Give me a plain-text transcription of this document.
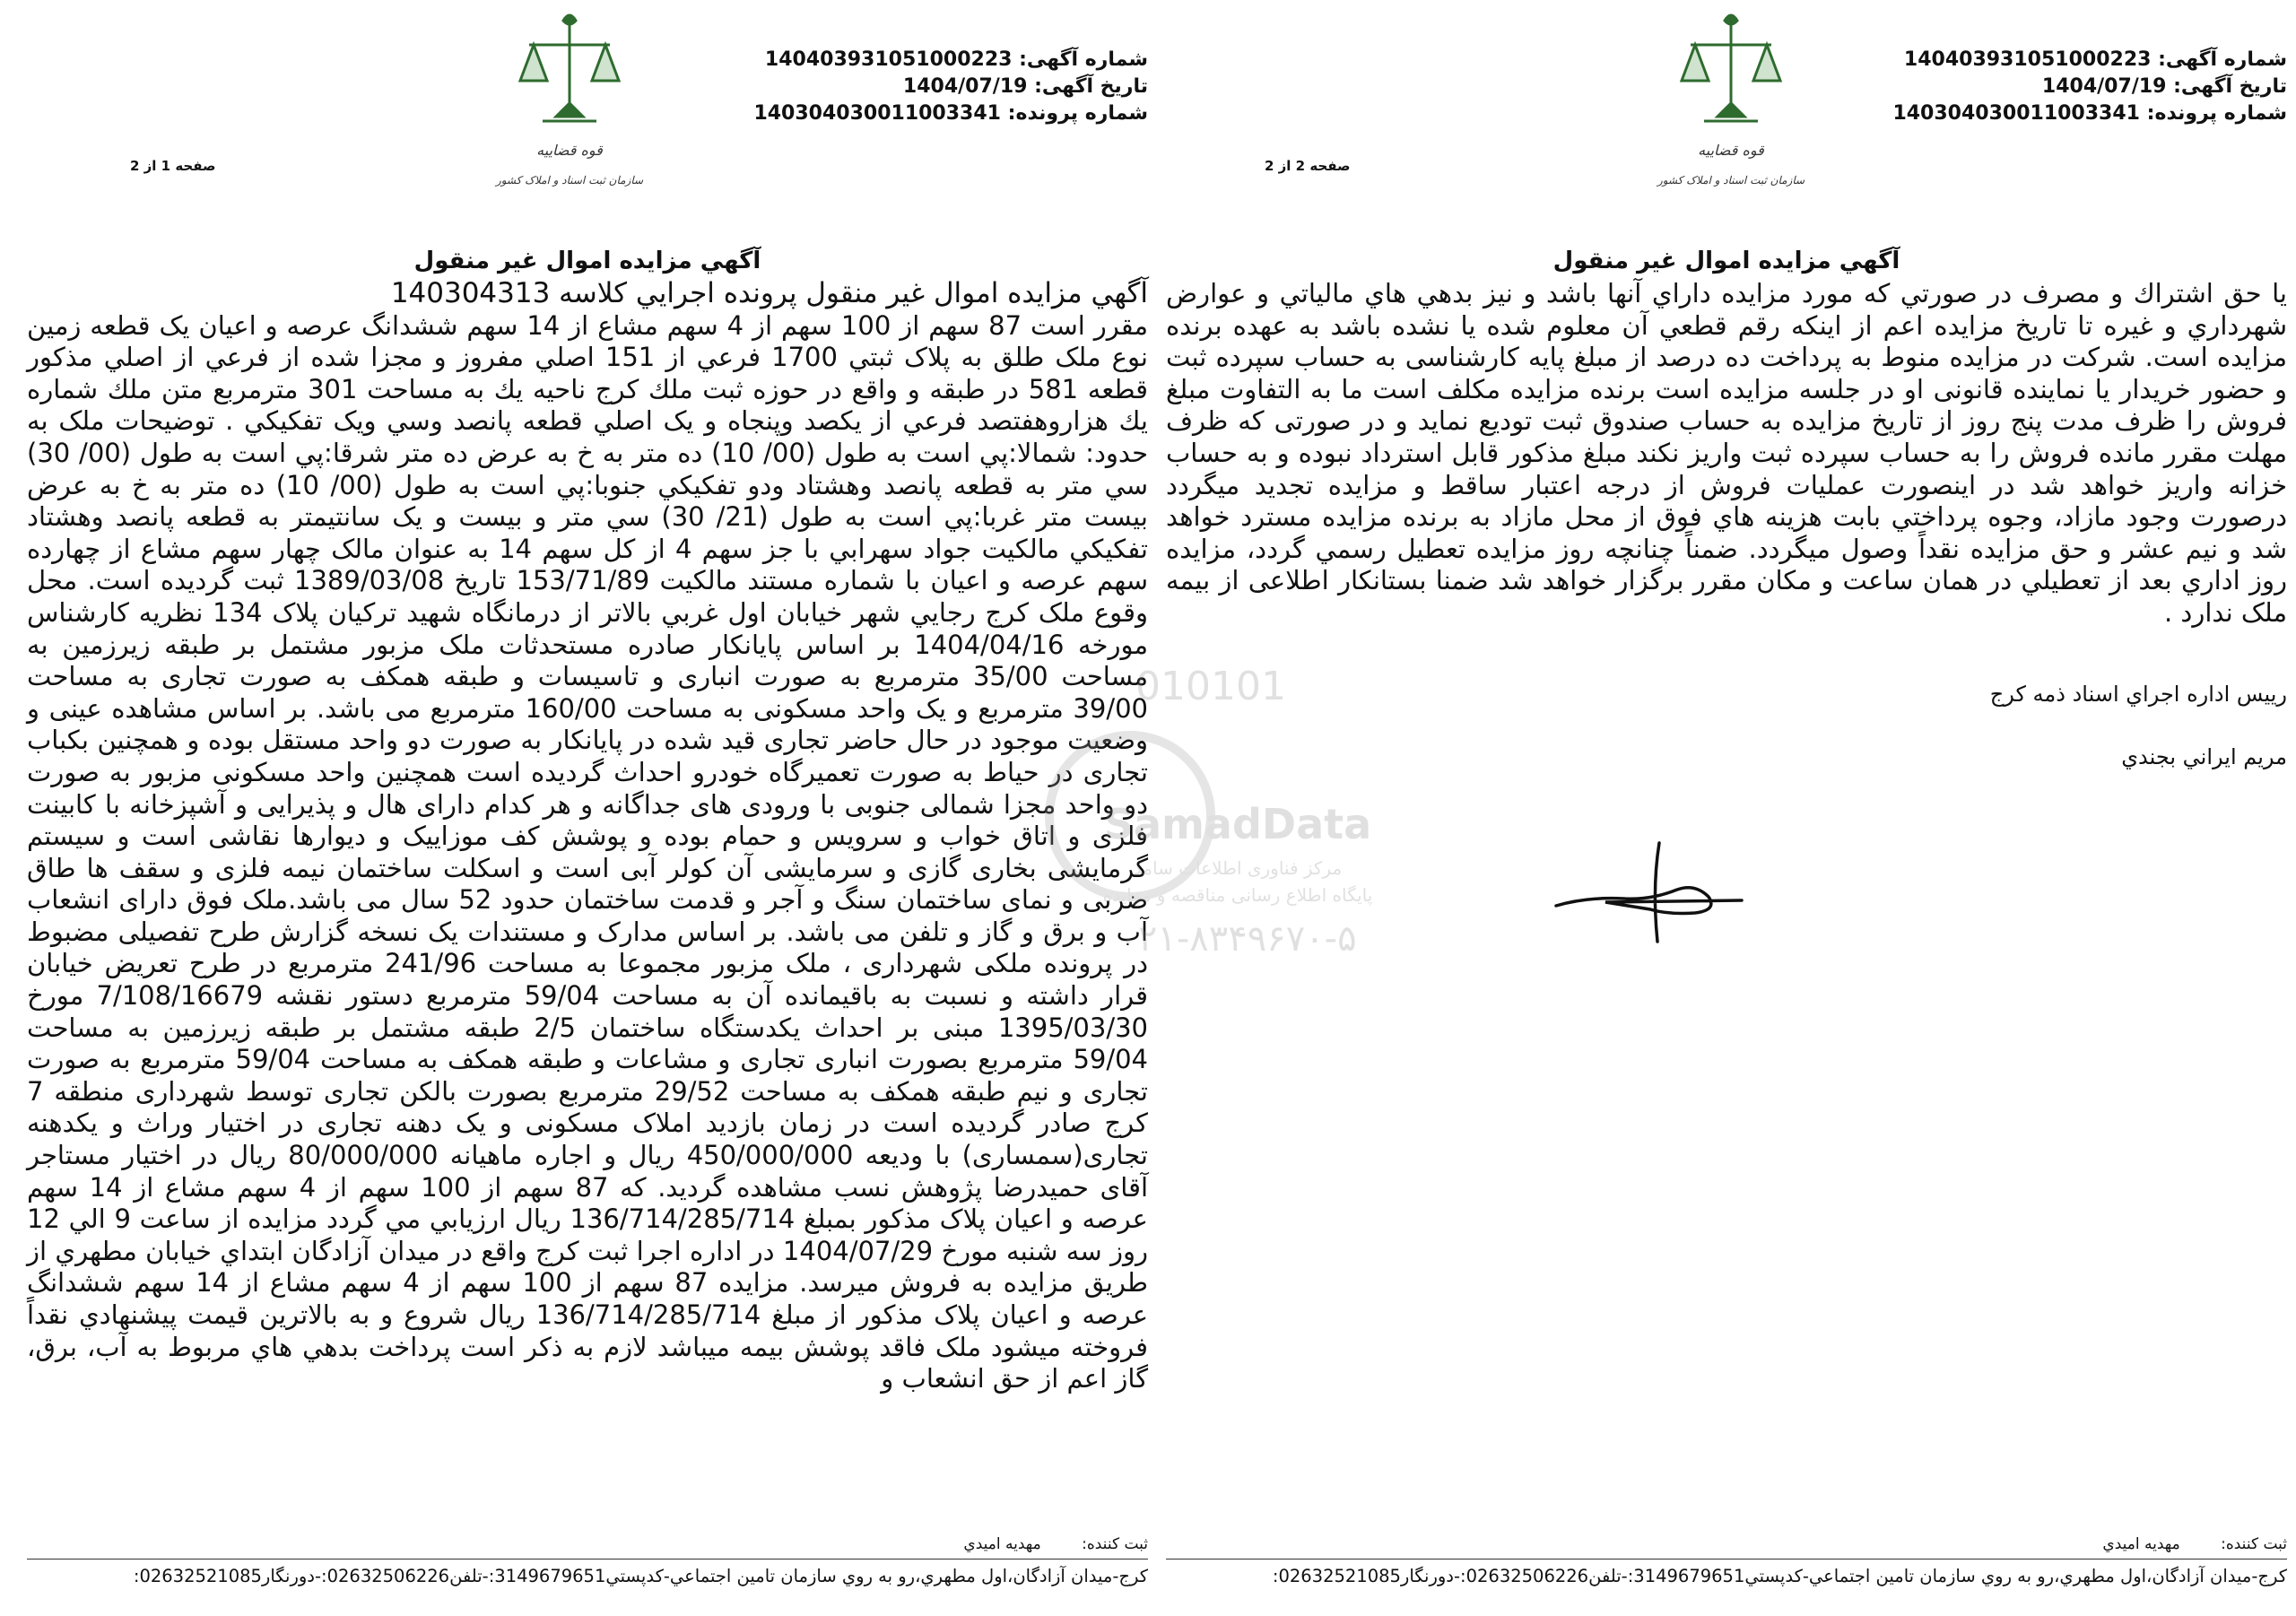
قوه قضاییه
سازمان ثبت اسناد و املاک کشور
شماره آگهی: 140403931051000223
تاریخ آگهی: 1404/07/19
شماره پرونده: 140304030011003341
صفحه 1 از 2
آگهي مزايده اموال غير منقول
آگهي مزايده اموال غير منقول پرونده اجرايي كلاسه 140304313
مقرر است 87 سهم از 100 سهم از 4 سهم مشاع از 14 سهم ششدانگ عرصه و اعيان يک قطعه زمين نوع ملک طلق به پلاک ثبتي 1700 فرعي از 151 اصلي مفروز و مجزا شده از فرعي از اصلي مذكور قطعه 581 در طبقه و واقع در حوزه ثبت ملك كرج ناحيه يك به مساحت 301 مترمربع متن ملك شماره يك هزاروهفتصد فرعي از يكصد وپنجاه و يک اصلي قطعه پانصد وسي ويک تفکيکي . توضيحات ملک به حدود: شمالا:پي است به طول (00/ 10) ده متر به خ به عرض ده متر شرقا:پي است به طول (00/ 30) سي متر به قطعه پانصد وهشتاد ودو تفکيکي جنوبا:پي است به طول (00/ 10) ده متر به خ به عرض بيست متر غربا:پي است به طول (21/ 30) سي متر و بيست و يک سانتيمتر به قطعه پانصد وهشتاد تفکيکي مالکيت جواد سهرابي با جز سهم 4 از کل سهم 14 به عنوان مالک چهار سهم مشاع از چهارده سهم عرصه و اعيان با شماره مستند مالکيت 153/71/89 تاريخ 1389/03/08 ثبت گرديده است. محل وقوع ملک کرج رجايي شهر خيابان اول غربي بالاتر از درمانگاه شهيد ترکيان پلاک 134 نظريه کارشناس مورخه 1404/04/16 بر اساس پايانکار صادره مستحدثات ملک مزبور مشتمل بر طبقه زيرزمين به مساحت 35/00 مترمربع به صورت انباری و تاسيسات و طبقه همکف به صورت تجاری به مساحت 39/00 مترمربع و يک واحد مسکونی به مساحت 160/00 مترمربع می باشد. بر اساس مشاهده عينی و وضعيت موجود در حال حاضر تجاری قيد شده در پايانکار به صورت دو واحد مستقل بوده و همچنين بکباب تجاری در حياط به صورت تعميرگاه خودرو احداث گرديده است همچنين واحد مسکونی مزبور به صورت دو واحد مجزا شمالی جنوبی با ورودی های جداگانه و هر کدام دارای هال و پذيرايی و آشپزخانه با کابينت فلزی و اتاق خواب و سرويس و حمام بوده و پوشش کف موزاييک و ديوارها نقاشی است و سيستم گرمايشی بخاری گازی و سرمايشی آن کولر آبی است و اسکلت ساختمان نيمه فلزی و سقف ها طاق ضربی و نمای ساختمان سنگ و آجر و قدمت ساختمان حدود 52 سال می باشد.ملک فوق دارای انشعاب آب و برق و گاز و تلفن می باشد. بر اساس مدارک و مستندات يک نسخه گزارش طرح تفصيلی مضبوط در پرونده ملکی شهرداری ، ملک مزبور مجموعا به مساحت 241/96 مترمربع در طرح تعريض خيابان قرار داشته و نسبت به باقيمانده آن به مساحت 59/04 مترمربع دستور نقشه 7/108/16679 مورخ 1395/03/30 مبنی بر احداث يکدستگاه ساختمان 2/5 طبقه مشتمل بر طبقه زيرزمين به مساحت 59/04 مترمربع بصورت انباری تجاری و مشاعات و طبقه همکف به مساحت 59/04 مترمربع به صورت تجاری و نيم طبقه همکف به مساحت 29/52 مترمربع بصورت بالکن تجاری توسط شهرداری منطقه 7 کرج صادر گرديده است در زمان بازديد املاک مسکونی و يک دهنه تجاری در اختيار وراث و يکدهنه تجاری(سمساری) با وديعه 450/000/000 ريال و اجاره ماهيانه 80/000/000 ريال در اختيار مستاجر آقای حميدرضا پژوهش نسب مشاهده گرديد. که 87 سهم از 100 سهم از 4 سهم مشاع از 14 سهم عرصه و اعيان پلاک مذکور بمبلغ 136/714/285/714 ريال ارزيابي مي گردد مزايده از ساعت 9 الي 12 روز سه شنبه مورخ 1404/07/29 در اداره اجرا ثبت کرج واقع در ميدان آزادگان ابتداي خيابان مطهري از طريق مزايده به فروش ميرسد. مزايده 87 سهم از 100 سهم از 4 سهم مشاع از 14 سهم ششدانگ عرصه و اعيان پلاک مذكور از مبلغ 136/714/285/714 ريال شروع و به بالاترين قيمت پيشنهادي نقداً فروخته ميشود ملک فاقد پوشش بيمه ميباشد لازم به ذكر است پرداخت بدهي هاي مربوط به آب، برق، گاز اعم از حق انشعاب و
ثبت کننده: مهديه اميدي
کرج-ميدان آزادگان،اول مطهري،رو به روي سازمان تامين اجتماعي-کدپستي3149679651:-تلفن02632506226:-دورنگار02632521085:
قوه قضاییه
سازمان ثبت اسناد و املاک کشور
شماره آگهی: 140403931051000223
تاریخ آگهی: 1404/07/19
شماره پرونده: 140304030011003341
صفحه 2 از 2
آگهي مزايده اموال غير منقول
يا حق اشتراك و مصرف در صورتي كه مورد مزايده داراي آنها باشد و نيز بدهي هاي مالياتي و عوارض شهرداري و غيره تا تاريخ مزايده اعم از اينكه رقم قطعي آن معلوم شده يا نشده باشد به عهده برنده مزايده است. شرکت در مزايده منوط به پرداخت ده درصد از مبلغ پايه کارشناسی به حساب سپرده ثبت و حضور خريدار يا نماينده قانونی او در جلسه مزايده است برنده مزايده مکلف است ما به التفاوت مبلغ فروش را ظرف مدت پنج روز از تاريخ مزايده به حساب صندوق ثبت توديع نمايد و در صورتی که ظرف مهلت مقرر مانده فروش را به حساب سپرده ثبت واريز نكند مبلغ مذكور قابل استرداد نبوده و به حساب خزانه واريز خواهد شد در اينصورت عمليات فروش از درجه اعتبار ساقط و مزايده تجديد ميگردد درصورت وجود مازاد، وجوه پرداختي بابت هزينه هاي فوق از محل مازاد به برنده مزايده مسترد خواهد شد و نيم عشر و حق مزايده نقداً وصول ميگردد. ضمناً چنانچه روز مزايده تعطيل رسمي گردد، مزايده روز اداري بعد از تعطيلي در همان ساعت و مكان مقرر برگزار خواهد شد ضمنا بستانکار اطلاعی از بيمه ملک ندارد .
رييس اداره اجراي اسناد ذمه كرج
مريم ايراني بجندي
ثبت کننده: مهديه اميدي
کرج-ميدان آزادگان،اول مطهري،رو به روي سازمان تامين اجتماعي-کدپستي3149679651:-تلفن02632506226:-دورنگار02632521085:
010101
SamadData
مرکز فناوری اطلاعات سامد
پایگاه اطلاع رسانی مناقصه و مزایده
۰۲۱-۸۳۴۹۶۷۰-۵
